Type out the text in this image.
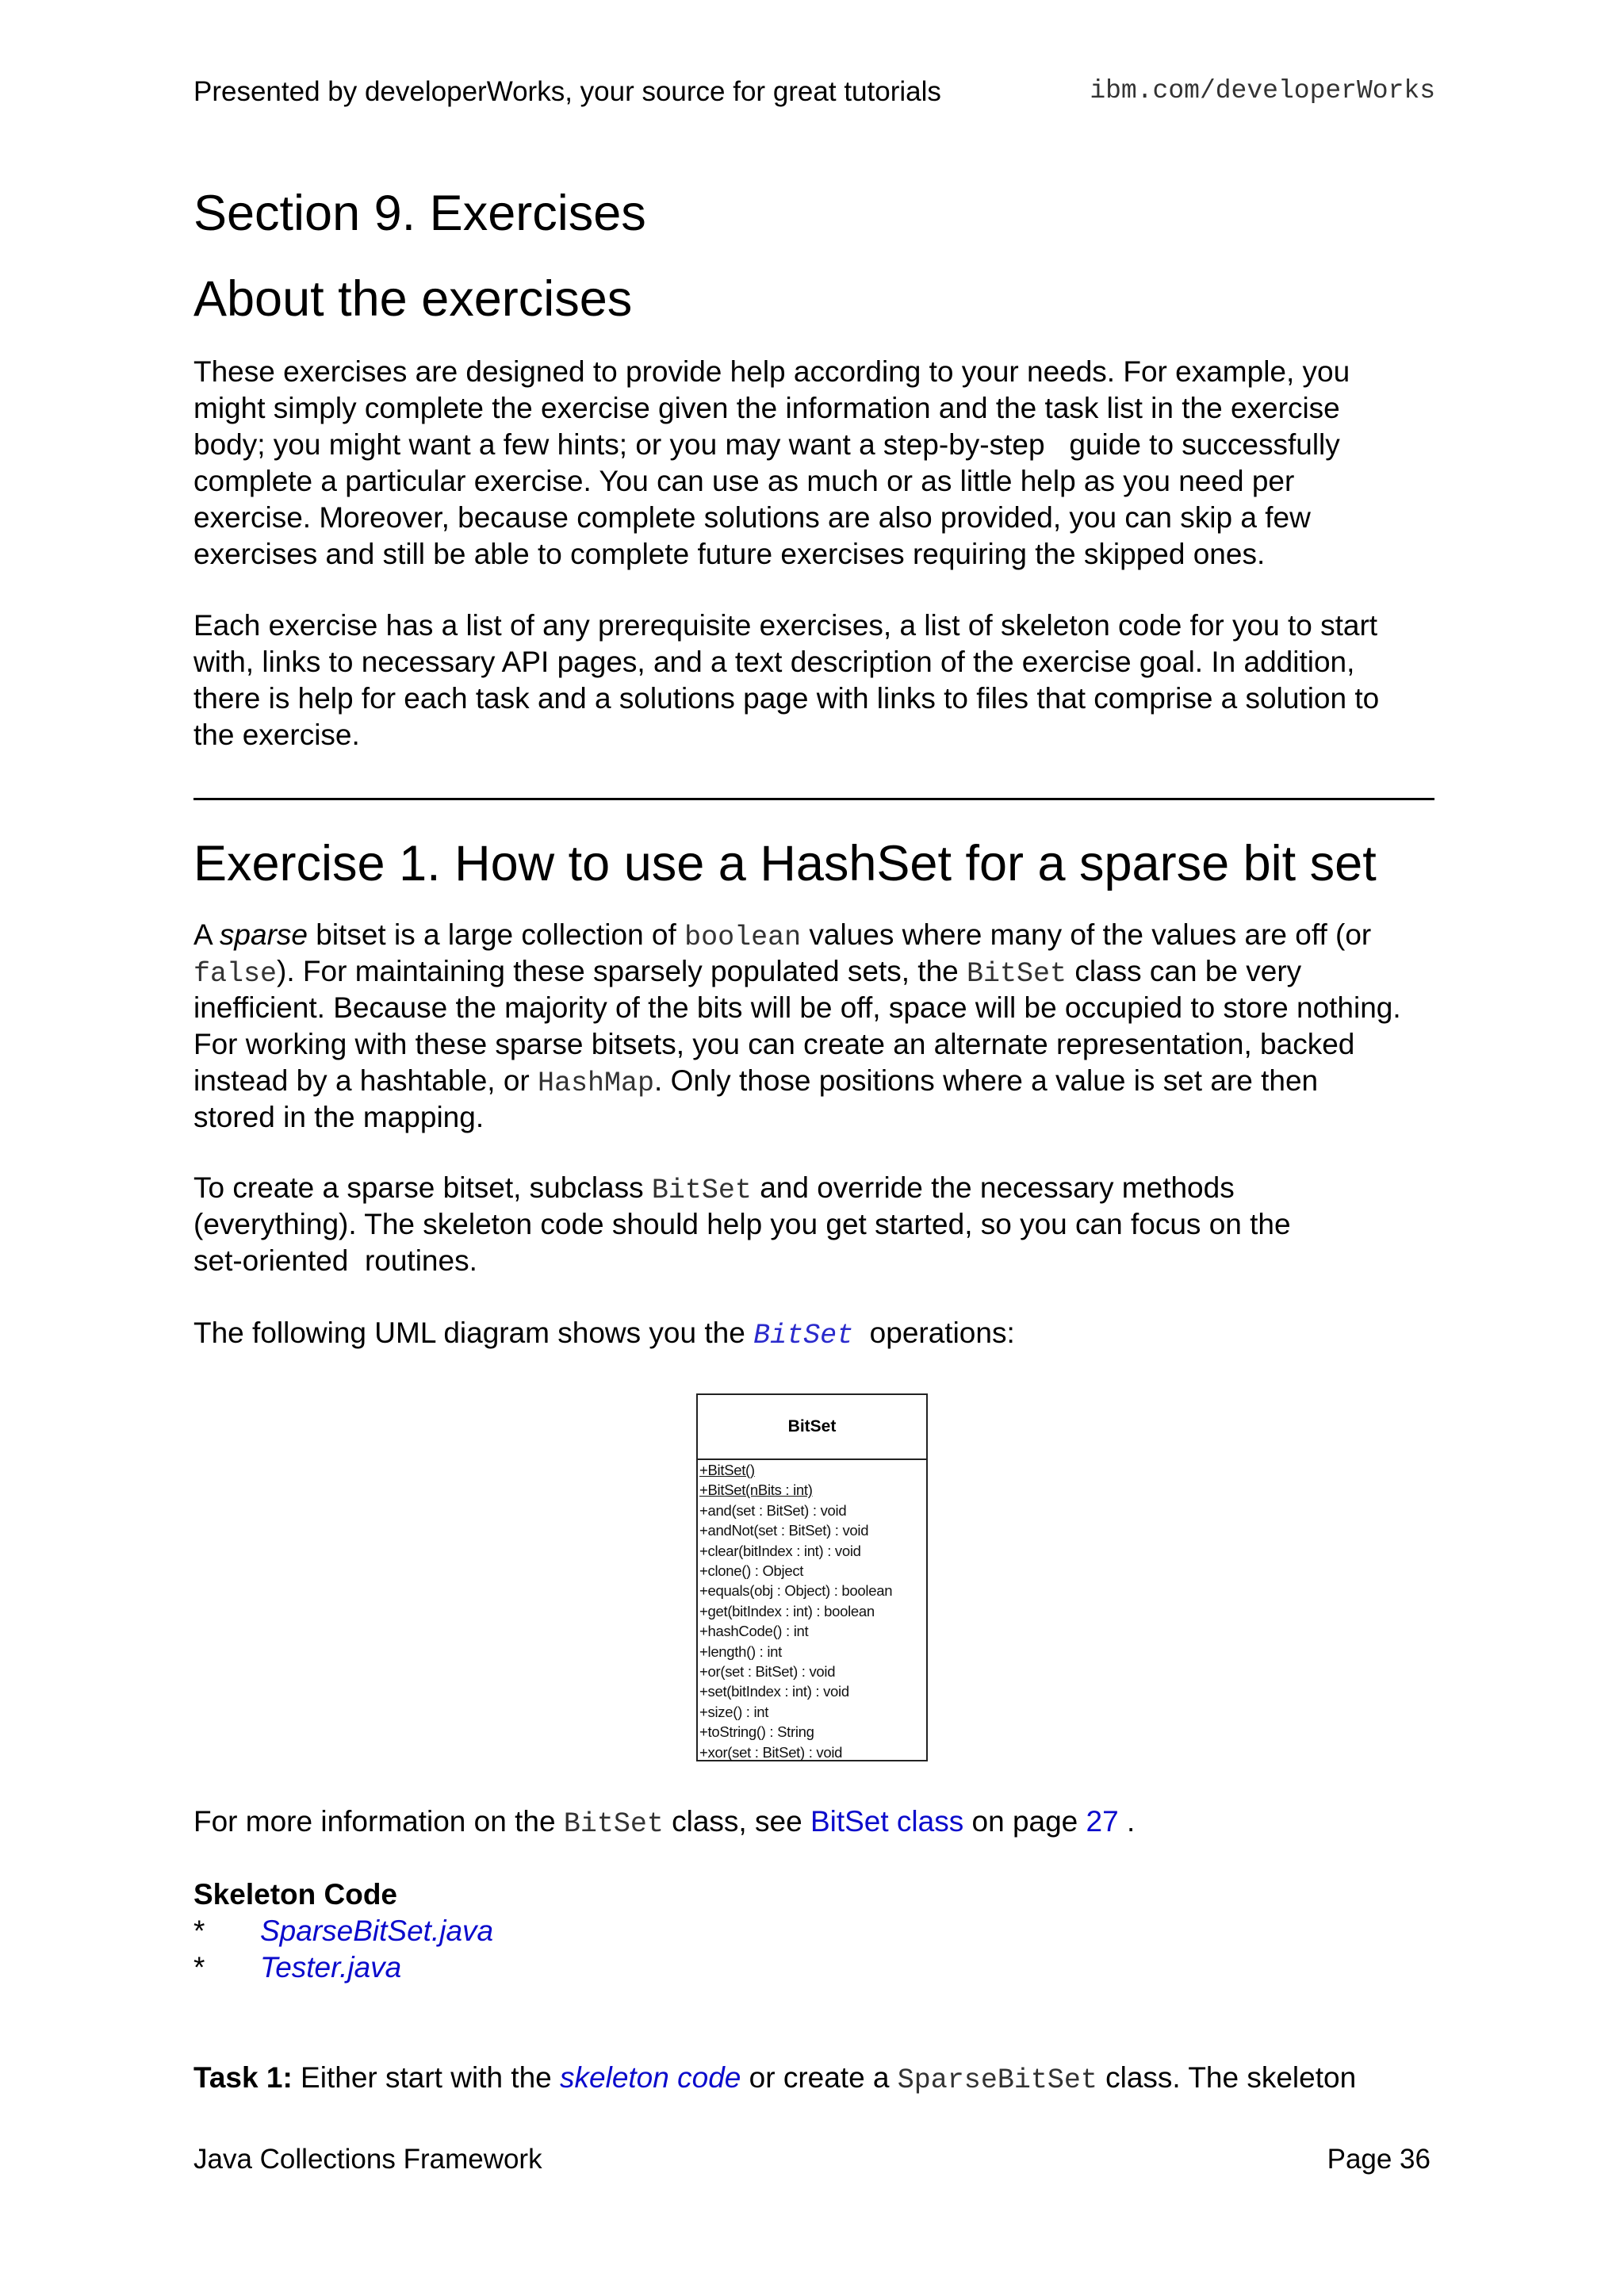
Presented by developerWorks, your source for great tutorials	ibm.com/developerWorks
Section 9. Exercises
About the exercises
These exercises are designed to provide help according to your needs. For example, you
might simply complete the exercise given the information and the task list in the exercise
body; you might want a few hints; or you may want a step-by-step   guide to successfully
complete a particular exercise. You can use as much or as little help as you need per
exercise. Moreover, because complete solutions are also provided, you can skip a few
exercises and still be able to complete future exercises requiring the skipped ones.
Each exercise has a list of any prerequisite exercises, a list of skeleton code for you to start
with, links to necessary API pages, and a text description of the exercise goal. In addition,
there is help for each task and a solutions page with links to files that comprise a solution to
the exercise.
Exercise 1. How to use a HashSet for a sparse bit set
A sparse bitset is a large collection of boolean values where many of the values are off (or
false). For maintaining these sparsely populated sets, the BitSet class can be very
inefficient. Because the majority of the bits will be off, space will be occupied to store nothing.
For working with these sparse bitsets, you can create an alternate representation, backed
instead by a hashtable, or HashMap. Only those positions where a value is set are then
stored in the mapping.
To create a sparse bitset, subclass BitSet and override the necessary methods
(everything). The skeleton code should help you get started, so you can focus on the
set-oriented  routines.
The following UML diagram shows you the BitSet  operations:
BitSet
+BitSet()
+BitSet(nBits : int)
+and(set : BitSet) : void
+andNot(set : BitSet) : void
+clear(bitIndex : int) : void
+clone() : Object
+equals(obj : Object) : boolean
+get(bitIndex : int) : boolean
+hashCode() : int
+length() : int
+or(set : BitSet) : void
+set(bitIndex : int) : void
+size() : int
+toString() : String
+xor(set : BitSet) : void
For more information on the BitSet class, see BitSet class on page 27 .
Skeleton Code
* SparseBitSet.java
* Tester.java
Task 1: Either start with the skeleton code or create a SparseBitSet class. The skeleton
Java Collections Framework	Page 36
